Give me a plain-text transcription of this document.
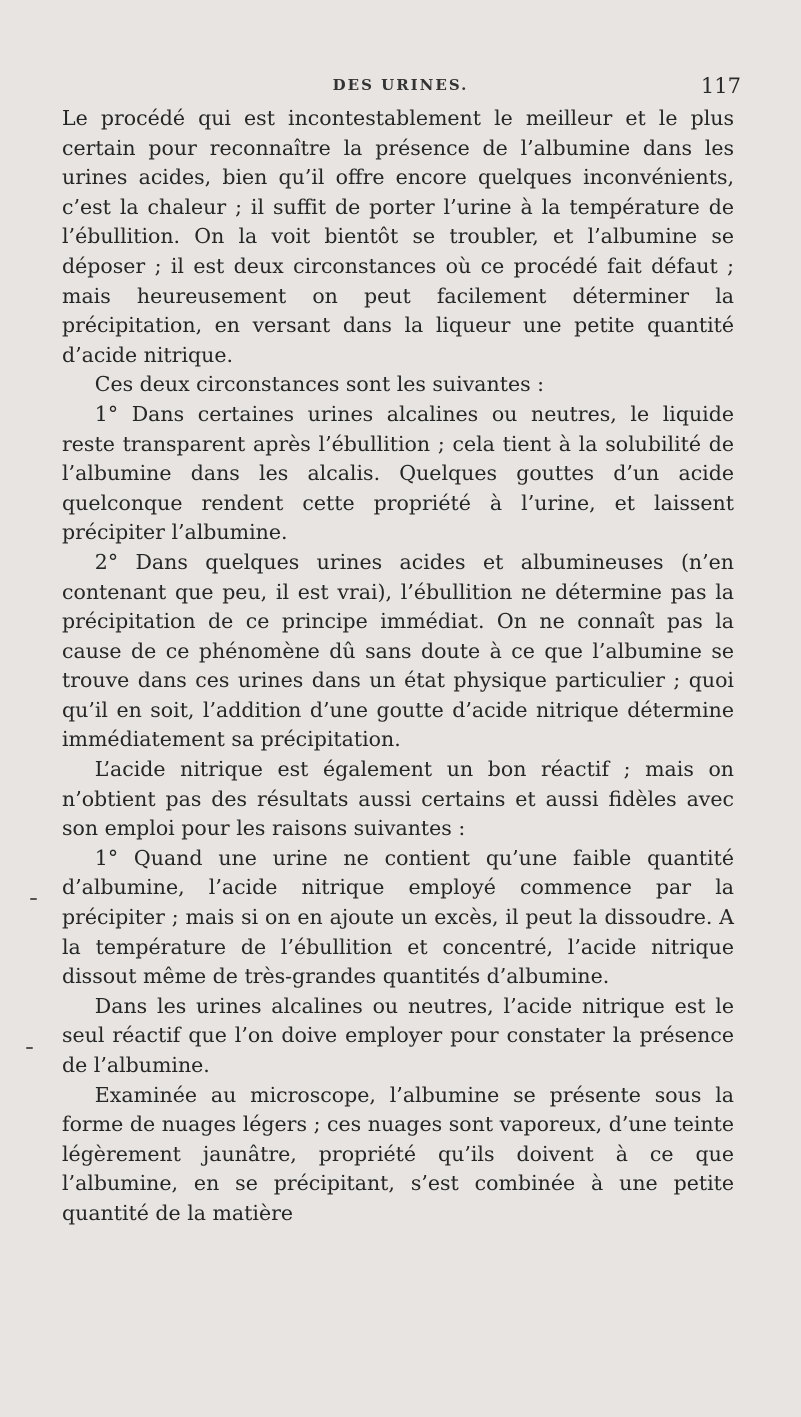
DES URINES.	117

Le procédé qui est incontestablement le meilleur et le plus certain pour reconnaître la présence de l’albumine dans les urines acides, bien qu’il offre encore quelques inconvénients, c’est la chaleur ; il suffit de porter l’urine à la température de l’ébullition. On la voit bientôt se troubler, et l’albumine se déposer ; il est deux circonstances où ce procédé fait défaut ; mais heureusement on peut facilement déterminer la précipitation, en versant dans la liqueur une petite quantité d’acide nitrique.

Ces deux circonstances sont les suivantes :

1° Dans certaines urines alcalines ou neutres, le liquide reste transparent après l’ébullition ; cela tient à la solubilité de l’albumine dans les alcalis. Quelques gouttes d’un acide quelconque rendent cette propriété à l’urine, et laissent précipiter l’albumine.

2° Dans quelques urines acides et albumineuses (n’en contenant que peu, il est vrai), l’ébullition ne détermine pas la précipitation de ce principe immédiat. On ne connaît pas la cause de ce phénomène dû sans doute à ce que l’albumine se trouve dans ces urines dans un état physique particulier ; quoi qu’il en soit, l’addition d’une goutte d’acide nitrique détermine immédiatement sa précipitation.

L’acide nitrique est également un bon réactif ; mais on n’obtient pas des résultats aussi certains et aussi fidèles avec son emploi pour les raisons suivantes :

1° Quand une urine ne contient qu’une faible quantité d’albumine, l’acide nitrique employé commence par la précipiter ; mais si on en ajoute un excès, il peut la dissoudre. A la température de l’ébullition et concentré, l’acide nitrique dissout même de très-grandes quantités d’albumine.

Dans les urines alcalines ou neutres, l’acide nitrique est le seul réactif que l’on doive employer pour constater la présence de l’albumine.

Examinée au microscope, l’albumine se présente sous la forme de nuages légers ; ces nuages sont vaporeux, d’une teinte légèrement jaunâtre, propriété qu’ils doivent à ce que l’albumine, en se précipitant, s’est combinée à une petite quantité de la matière
